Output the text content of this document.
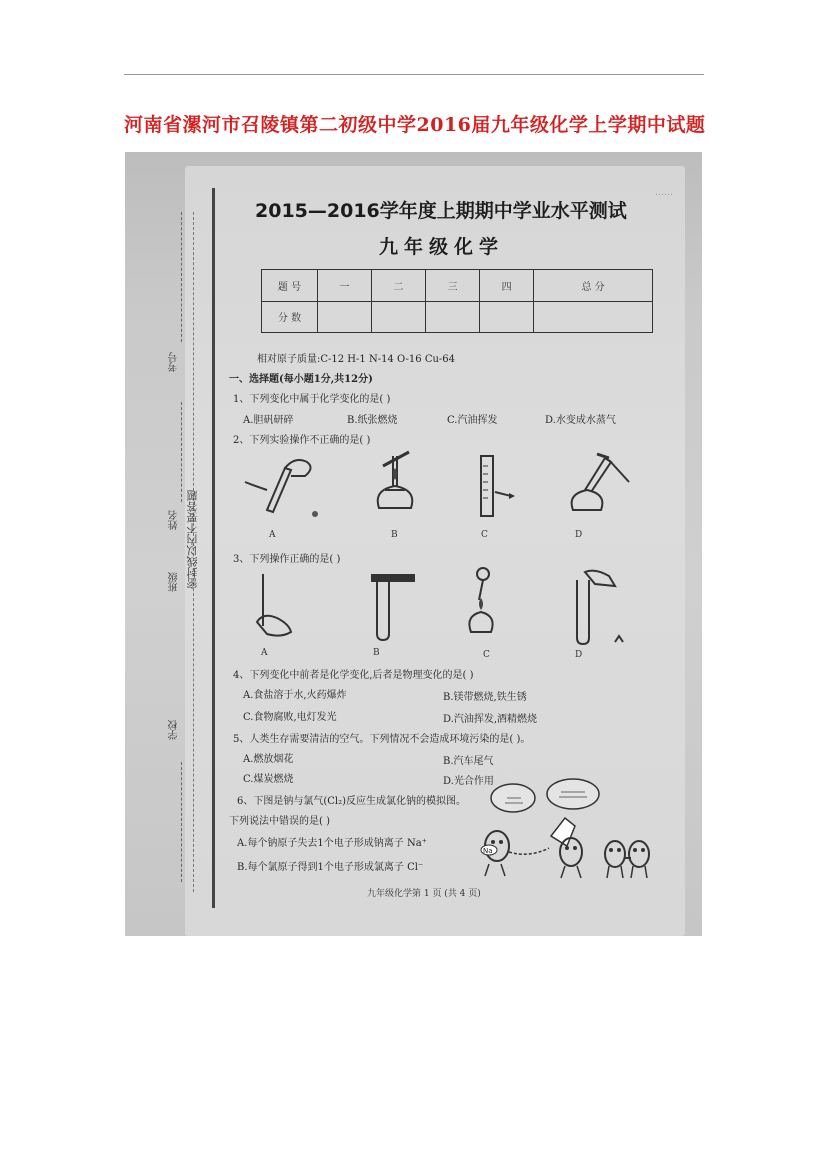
河南省漯河市召陵镇第二初级中学2016届九年级化学上学期中试题
考号
姓名
班级
学校
密封线以内不要答题
2015—2016学年度上期期中学业水平测试
九年级化学
题 号	一	二	三	四	总 分
分 数					
相对原子质量:C-12 H-1 N-14 O-16 Cu-64
一、选择题(每小题1分,共12分)
1、下列变化中属于化学变化的是( )
A.胆矾研碎	B.纸张燃烧	C.汽油挥发	D.水变成水蒸气
2、下列实验操作不正确的是( )
A	B	C	D
3、下列操作正确的是( )
A	B	C	D
4、下列变化中前者是化学变化,后者是物理变化的是( )
A.食盐溶于水,火药爆炸	B.镁带燃烧,铁生锈
C.食物腐败,电灯发光	D.汽油挥发,酒精燃烧
5、人类生存需要清洁的空气。下列情况不会造成环境污染的是( )。
A.燃放烟花	B.汽车尾气
C.煤炭燃烧	D.光合作用
6、下图是钠与氯气(Cl₂)反应生成氯化钠的模拟图。
下列说法中错误的是( )
A.每个钠原子失去1个电子形成钠离子 Na⁺
B.每个氯原子得到1个电子形成氯离子 Cl⁻
Na
九年级化学第 1 页 (共 4 页)
……
